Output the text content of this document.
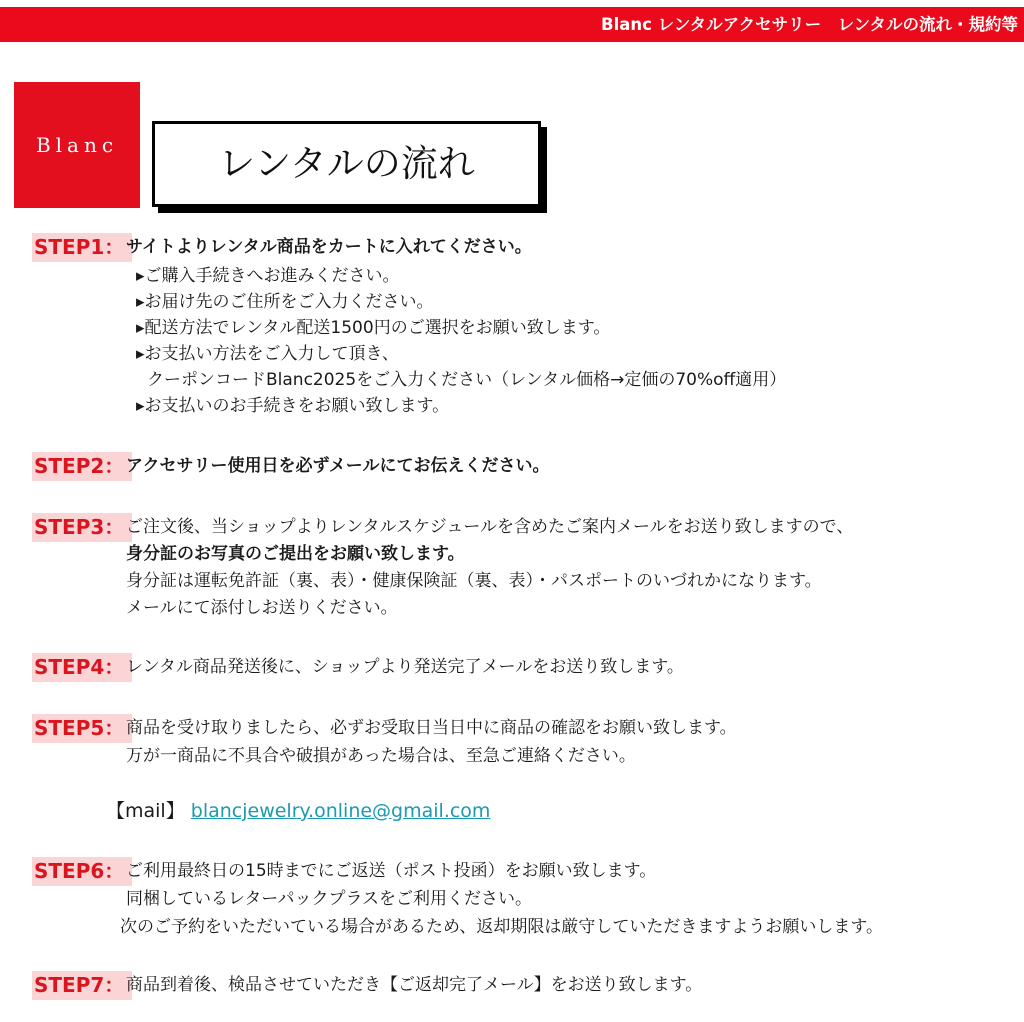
Blanc レンタルアクセサリー　レンタルの流れ・規約等
Blanc	レンタルの流れ
STEP1： サイトよりレンタル商品をカートに入れてください。
▸ご購入手続きへお進みください。
▸お届け先のご住所をご入力ください。
▸配送方法でレンタル配送1500円のご選択をお願い致します。
▸お支払い方法をご入力して頂き、
クーポンコードBlanc2025をご入力ください（レンタル価格→定価の70%off適用）
▸お支払いのお手続きをお願い致します。
STEP2： アクセサリー使用日を必ずメールにてお伝えください。
STEP3： ご注文後、当ショップよりレンタルスケジュールを含めたご案内メールをお送り致しますので、
身分証のお写真のご提出をお願い致します。
身分証は運転免許証（裏、表）・健康保険証（裏、表）・パスポートのいづれかになります。
メールにて添付しお送りください。
STEP4： レンタル商品発送後に、ショップより発送完了メールをお送り致します。
STEP5： 商品を受け取りましたら、必ずお受取日当日中に商品の確認をお願い致します。
万が一商品に不具合や破損があった場合は、至急ご連絡ください。
【mail】 blancjewelry.online@gmail.com
STEP6： ご利用最終日の15時までにご返送（ポスト投函）をお願い致します。
同梱しているレターパックプラスをご利用ください。
次のご予約をいただいている場合があるため、返却期限は厳守していただきますようお願いします。
STEP7： 商品到着後、検品させていただき【ご返却完了メール】をお送り致します。
